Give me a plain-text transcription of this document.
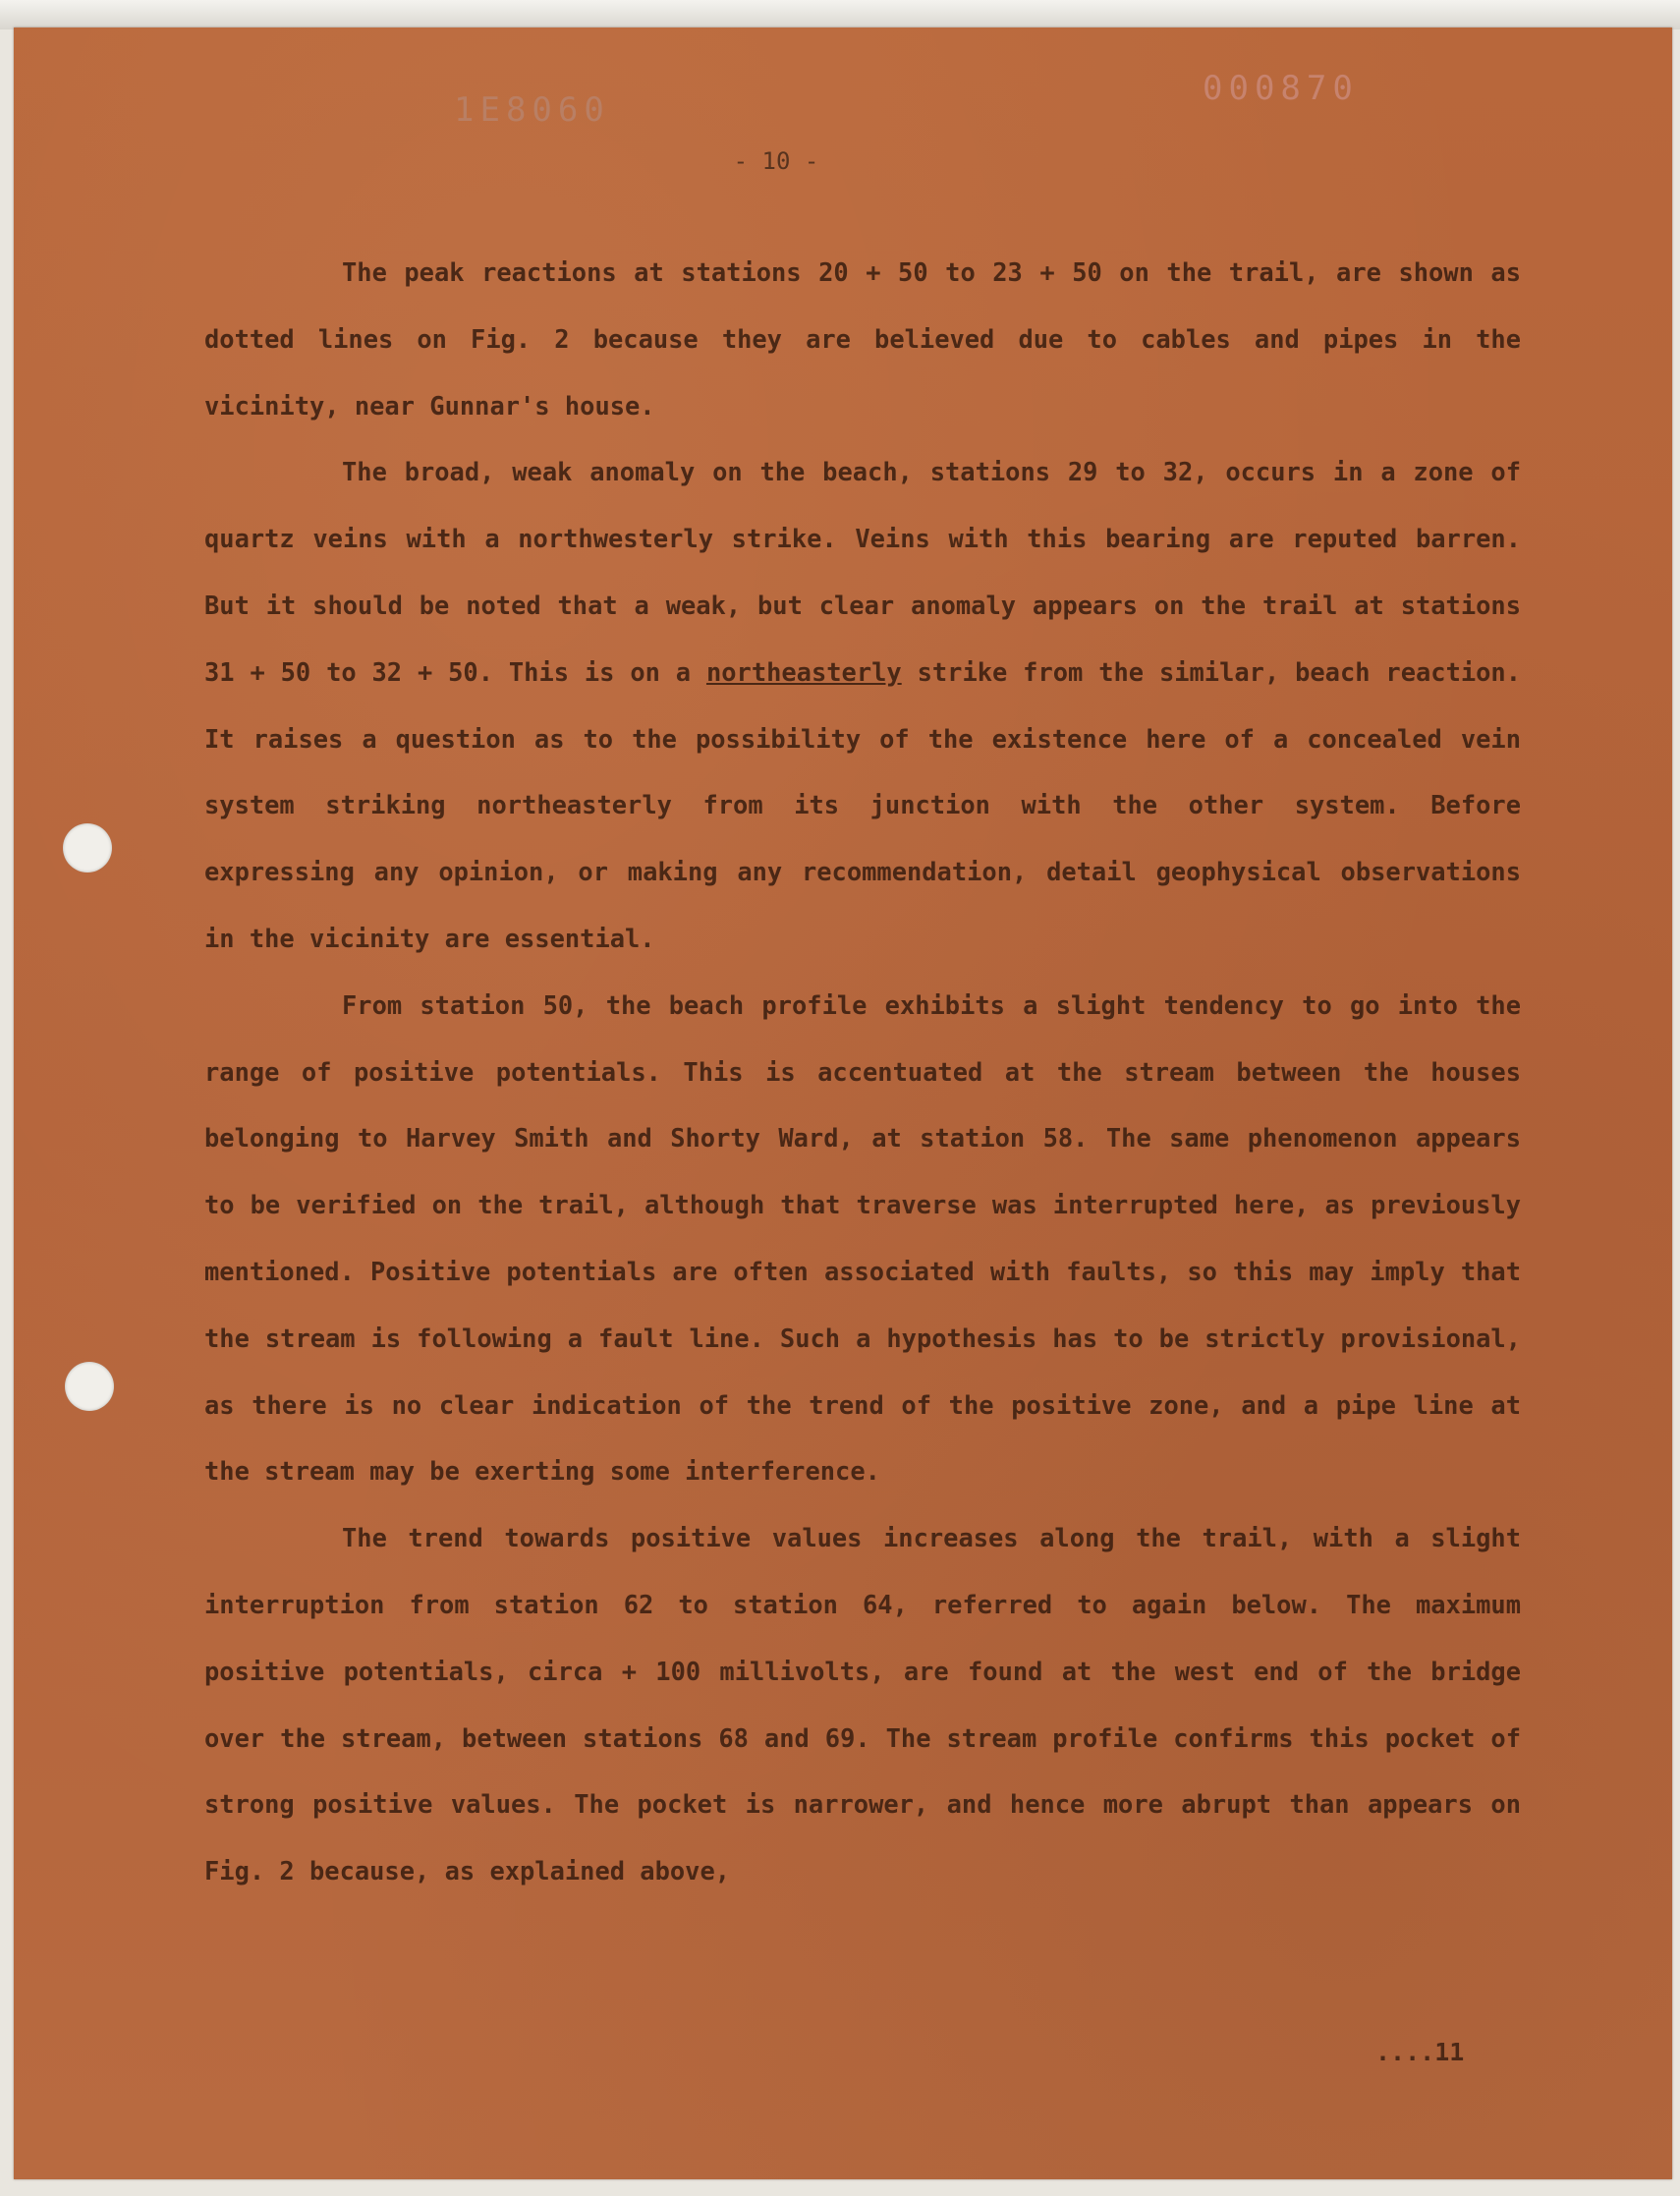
1E8060
000870
- 10 -

The peak reactions at stations 20 + 50 to 23 + 50 on the trail, are shown as dotted lines on Fig. 2 because they are believed due to cables and pipes in the vicinity, near Gunnar's house.

The broad, weak anomaly on the beach, stations 29 to 32, occurs in a zone of quartz veins with a northwesterly strike. Veins with this bearing are reputed barren. But it should be noted that a weak, but clear anomaly appears on the trail at stations 31 + 50 to 32 + 50. This is on a northeasterly strike from the similar, beach reaction. It raises a question as to the possibility of the existence here of a concealed vein system striking northeasterly from its junction with the other system. Before expressing any opinion, or making any recommendation, detail geophysical observations in the vicinity are essential.

From station 50, the beach profile exhibits a slight tendency to go into the range of positive potentials. This is accentuated at the stream between the houses belonging to Harvey Smith and Shorty Ward, at station 58. The same phenomenon appears to be verified on the trail, although that traverse was interrupted here, as previously mentioned. Positive potentials are often associated with faults, so this may imply that the stream is following a fault line. Such a hypothesis has to be strictly provisional, as there is no clear indication of the trend of the positive zone, and a pipe line at the stream may be exerting some interference.

The trend towards positive values increases along the trail, with a slight interruption from station 62 to station 64, referred to again below. The maximum positive potentials, circa + 100 millivolts, are found at the west end of the bridge over the stream, between stations 68 and 69. The stream profile confirms this pocket of strong positive values. The pocket is narrower, and hence more abrupt than appears on Fig. 2 because, as explained above,

....11
